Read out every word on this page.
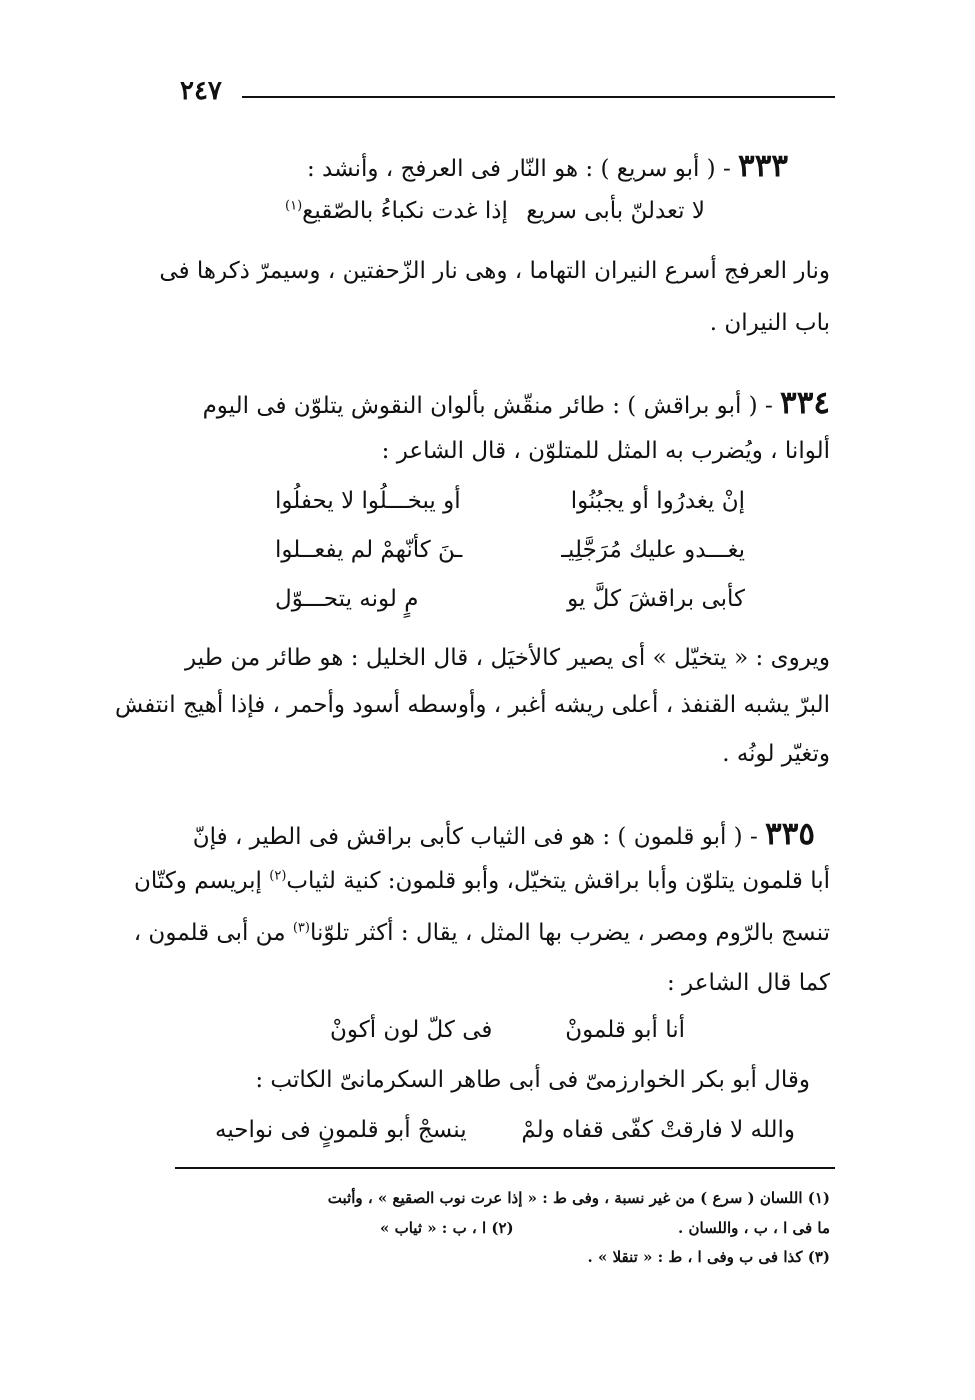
٢٤٧
٣٣٣ - ( أبو سريع ) : هو النّار فى العرفج ، وأنشد :
لا تعدلنّ بأبى سريع
إذا غدت نكباءُ بالصّقيع$^{(١)}$
ونار العرفج أسرع النيران التهاما ، وهى نار الزّحفتين ، وسيمرّ ذكرها فى
باب النيران .
٣٣٤ - ( أبو براقش ) : طائر منقّش بألوان النقوش يتلوّن فى اليوم
ألوانا ، ويُضرب به المثل للمتلوّن ، قال الشاعر :
إنْ يغدرُوا أو يجبُنُوا
أو يبخـــلُوا لا يحفلُوا
يغـــدو عليك مُرَجَّلِيـ
ـنَ كأنّهمْ لم يفعــلوا
كأبى براقشَ كلَّ يو
مٍ لونه يتحـــوّل
ويروى : « يتخيّل » أى يصير كالأخيَل ، قال الخليل : هو طائر من طير
البرّ يشبه القنفذ ، أعلى ريشه أغبر ، وأوسطه أسود وأحمر ، فإذا أهيج انتفش
وتغيّر لونُه .
٣٣٥ - ( أبو قلمون ) : هو فى الثياب كأبى براقش فى الطير ، فإنّ
أبا قلمون يتلوّن وأبا براقش يتخيّل، وأبو قلمون: كنية لثياب$^{(٢)}$ إبريسم وكتّان
تنسج بالرّوم ومصر ، يضرب بها المثل ، يقال : أكثر تلوّنا$^{(٣)}$ من أبى قلمون ،
كما قال الشاعر :
أنا أبو قلمونْ
فى كلّ لون أكونْ
وقال أبو بكر الخوارزمىّ فى أبى طاهر السكرمانىّ الكاتب :
والله لا فارقتْ كفّى قفاه ولمْ
ينسجْ أبو قلمونٍ فى نواحيه
(١) اللسان ( سرع ) من غير نسبة ، وفى ط : « إذا عرت نوب الصقيع » ، وأثبت
ما فى ا ، ب ، واللسان .
(٢) ا ، ب : « ثياب »
(٣) كذا فى ب وفى ا ، ط : « تنقلا » .
